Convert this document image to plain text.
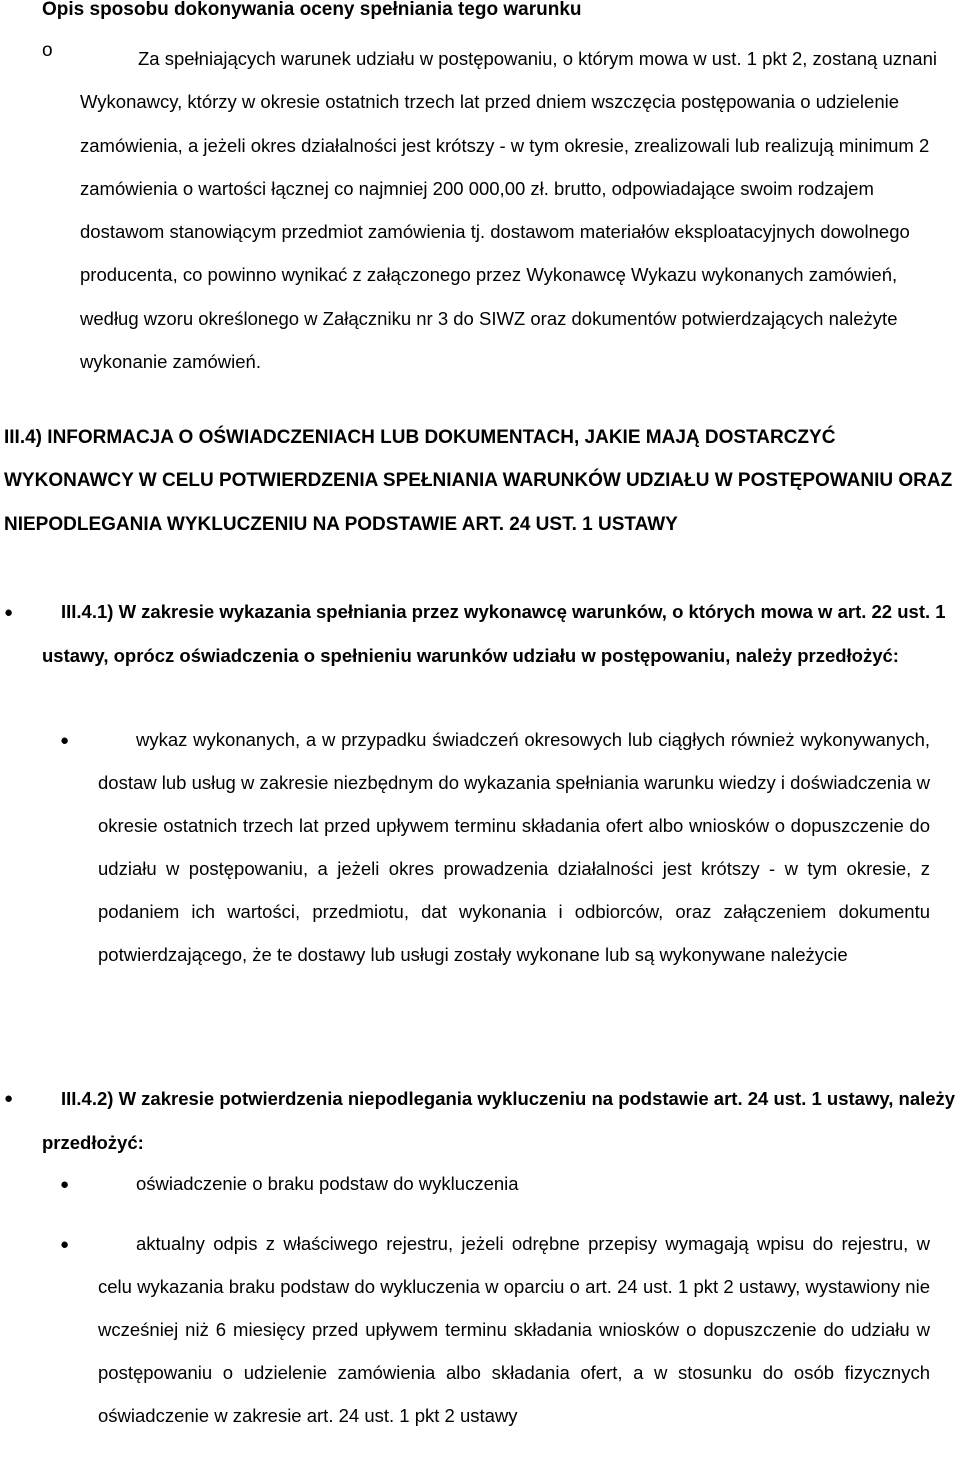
Opis sposobu dokonywania oceny spełniania tego warunku
o	Za spełniających warunek udziału w postępowaniu, o którym mowa w ust. 1 pkt 2, zostaną uznani Wykonawcy, którzy w okresie ostatnich trzech lat przed dniem wszczęcia postępowania o udzielenie zamówienia, a jeżeli okres działalności jest krótszy - w tym okresie, zrealizowali lub realizują minimum 2 zamówienia o wartości łącznej co najmniej 200 000,00 zł. brutto, odpowiadające swoim rodzajem dostawom stanowiącym przedmiot zamówienia tj. dostawom materiałów eksploatacyjnych dowolnego producenta, co powinno wynikać z załączonego przez Wykonawcę Wykazu wykonanych zamówień, według wzoru określonego w Załączniku nr 3 do SIWZ oraz dokumentów potwierdzających należyte wykonanie zamówień.
III.4) INFORMACJA O OŚWIADCZENIACH LUB DOKUMENTACH, JAKIE MAJĄ DOSTARCZYĆ WYKONAWCY W CELU POTWIERDZENIA SPEŁNIANIA WARUNKÓW UDZIAŁU W POSTĘPOWANIU ORAZ NIEPODLEGANIA WYKLUCZENIU NA PODSTAWIE ART. 24 UST. 1 USTAWY
●	III.4.1) W zakresie wykazania spełniania przez wykonawcę warunków, o których mowa w art. 22 ust. 1 ustawy, oprócz oświadczenia o spełnieniu warunków udziału w postępowaniu, należy przedłożyć:
●	wykaz wykonanych, a w przypadku świadczeń okresowych lub ciągłych również wykonywanych, dostaw lub usług w zakresie niezbędnym do wykazania spełniania warunku wiedzy i doświadczenia w okresie ostatnich trzech lat przed upływem terminu składania ofert albo wniosków o dopuszczenie do udziału w postępowaniu, a jeżeli okres prowadzenia działalności jest krótszy - w tym okresie, z podaniem ich wartości, przedmiotu, dat wykonania i odbiorców, oraz załączeniem dokumentu potwierdzającego, że te dostawy lub usługi zostały wykonane lub są wykonywane należycie
●	III.4.2) W zakresie potwierdzenia niepodlegania wykluczeniu na podstawie art. 24 ust. 1 ustawy, należy przedłożyć:
●	oświadczenie o braku podstaw do wykluczenia
●	aktualny odpis z właściwego rejestru, jeżeli odrębne przepisy wymagają wpisu do rejestru, w celu wykazania braku podstaw do wykluczenia w oparciu o art. 24 ust. 1 pkt 2 ustawy, wystawiony nie wcześniej niż 6 miesięcy przed upływem terminu składania wniosków o dopuszczenie do udziału w postępowaniu o udzielenie zamówienia albo składania ofert, a w stosunku do osób fizycznych oświadczenie w zakresie art. 24 ust. 1 pkt 2 ustawy
